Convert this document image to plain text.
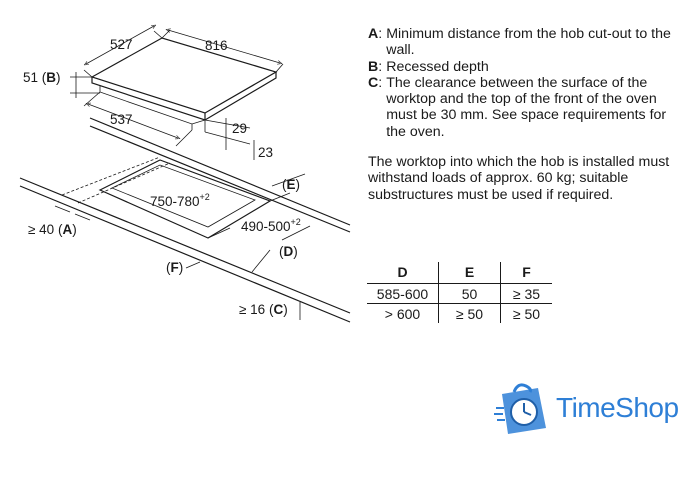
527	816
51 (B)
537
29
23
(E)
$750-780^{+2}$
≥ 40 (A)	$490-500^{+2}$
(D)
(F)
≥ 16 (C)
A : Minimum distance from the hob cut-out to the wall.
B : Recessed depth
C : The clearance between the surface of the worktop and the top of the front of the oven must be 30 mm. See space requirements for the oven.
The worktop into which the hob is installed must withstand loads of approx. 60 kg; suitable substructures must be used if required.
D	E	F
585-600	50	≥ 35
> 600	≥ 50	≥ 50
TimeShop
